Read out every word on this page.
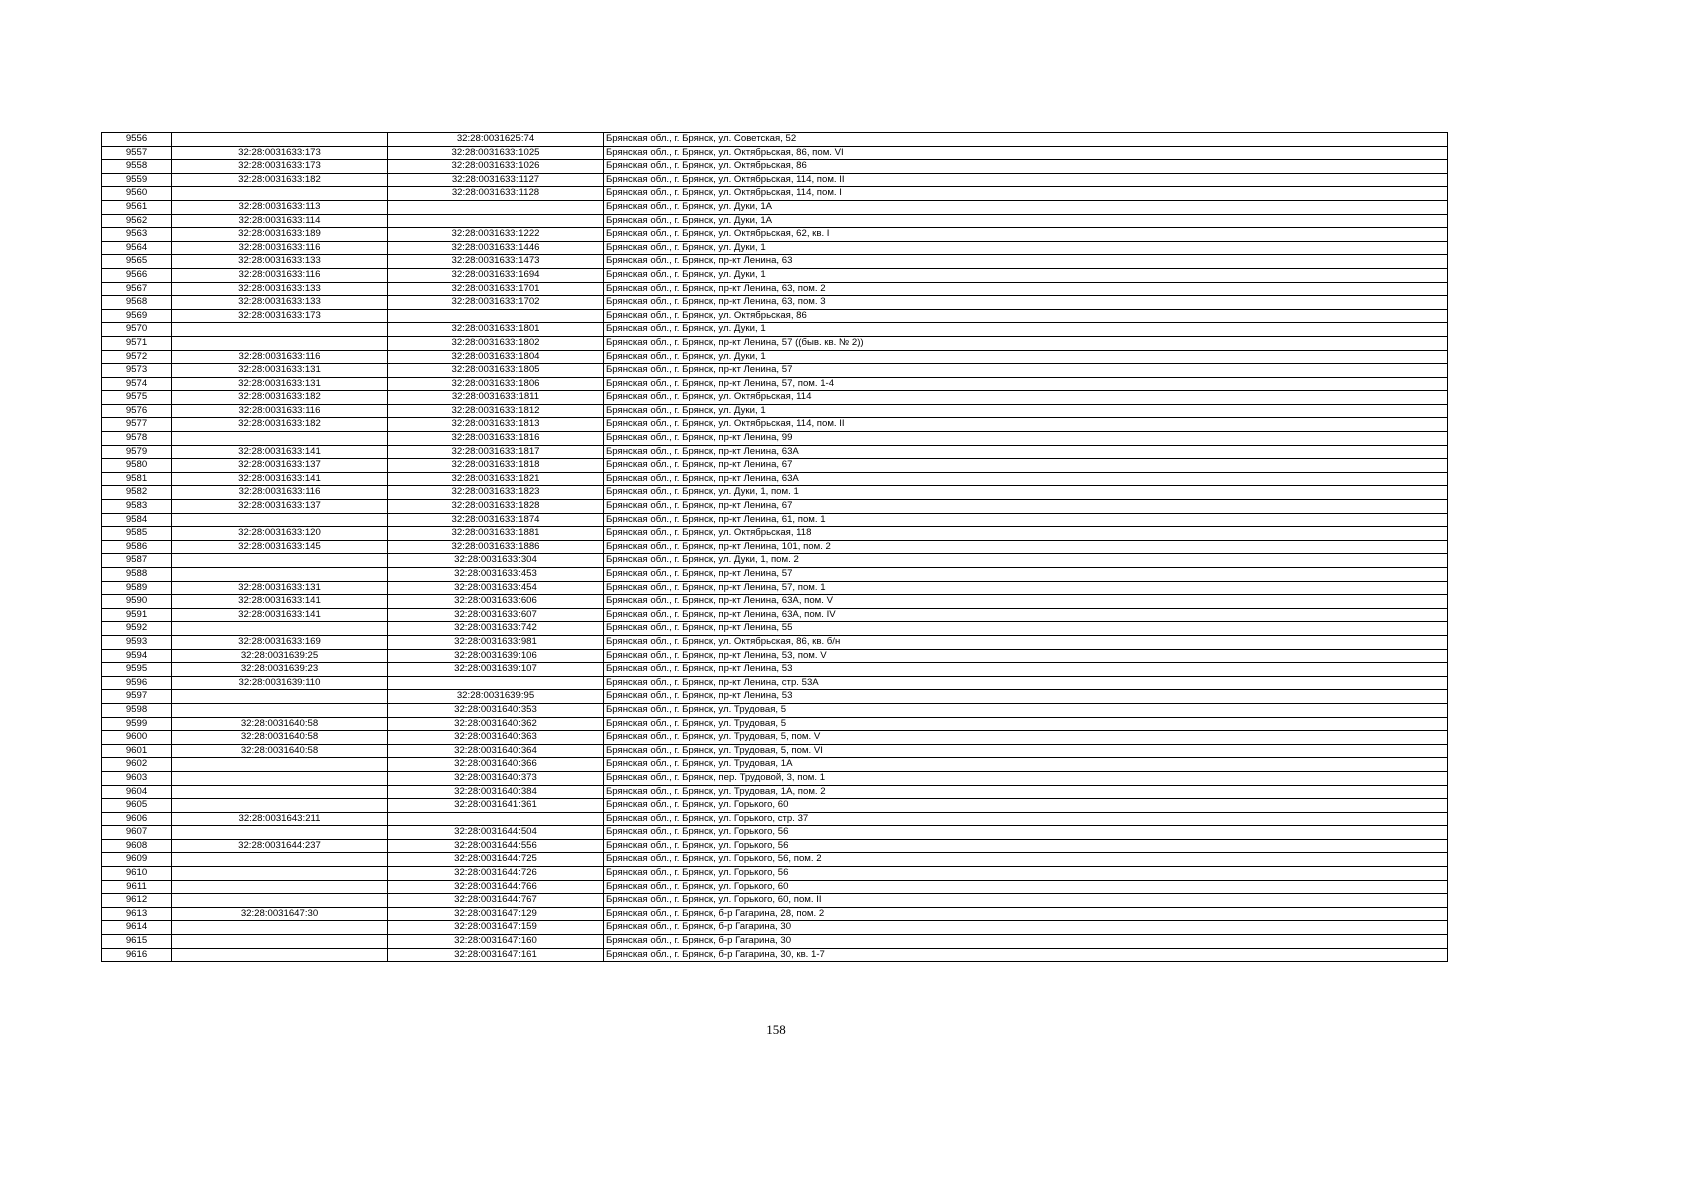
9556		32:28:0031625:74	Брянская обл., г. Брянск, ул. Советская, 52
9557	32:28:0031633:173	32:28:0031633:1025	Брянская обл., г. Брянск, ул. Октябрьская, 86, пом. VI
9558	32:28:0031633:173	32:28:0031633:1026	Брянская обл., г. Брянск, ул. Октябрьская, 86
9559	32:28:0031633:182	32:28:0031633:1127	Брянская обл., г. Брянск, ул. Октябрьская, 114, пом. II
9560		32:28:0031633:1128	Брянская обл., г. Брянск, ул. Октябрьская, 114, пом. I
9561	32:28:0031633:113		Брянская обл., г. Брянск, ул. Дуки, 1А
9562	32:28:0031633:114		Брянская обл., г. Брянск, ул. Дуки, 1А
9563	32:28:0031633:189	32:28:0031633:1222	Брянская обл., г. Брянск, ул. Октябрьская, 62, кв. I
9564	32:28:0031633:116	32:28:0031633:1446	Брянская обл., г. Брянск, ул. Дуки, 1
9565	32:28:0031633:133	32:28:0031633:1473	Брянская обл., г. Брянск, пр-кт Ленина, 63
9566	32:28:0031633:116	32:28:0031633:1694	Брянская обл., г. Брянск, ул. Дуки, 1
9567	32:28:0031633:133	32:28:0031633:1701	Брянская обл., г. Брянск, пр-кт Ленина, 63, пом. 2
9568	32:28:0031633:133	32:28:0031633:1702	Брянская обл., г. Брянск, пр-кт Ленина, 63, пом. 3
9569	32:28:0031633:173		Брянская обл., г. Брянск, ул. Октябрьская, 86
9570		32:28:0031633:1801	Брянская обл., г. Брянск, ул. Дуки, 1
9571		32:28:0031633:1802	Брянская обл., г. Брянск, пр-кт Ленина, 57 ((быв. кв. № 2))
9572	32:28:0031633:116	32:28:0031633:1804	Брянская обл., г. Брянск, ул. Дуки, 1
9573	32:28:0031633:131	32:28:0031633:1805	Брянская обл., г. Брянск, пр-кт Ленина, 57
9574	32:28:0031633:131	32:28:0031633:1806	Брянская обл., г. Брянск, пр-кт Ленина, 57, пом. 1-4
9575	32:28:0031633:182	32:28:0031633:1811	Брянская обл., г. Брянск, ул. Октябрьская, 114
9576	32:28:0031633:116	32:28:0031633:1812	Брянская обл., г. Брянск, ул. Дуки, 1
9577	32:28:0031633:182	32:28:0031633:1813	Брянская обл., г. Брянск, ул. Октябрьская, 114, пом. II
9578		32:28:0031633:1816	Брянская обл., г. Брянск, пр-кт Ленина, 99
9579	32:28:0031633:141	32:28:0031633:1817	Брянская обл., г. Брянск, пр-кт Ленина, 63А
9580	32:28:0031633:137	32:28:0031633:1818	Брянская обл., г. Брянск, пр-кт Ленина, 67
9581	32:28:0031633:141	32:28:0031633:1821	Брянская обл., г. Брянск, пр-кт Ленина, 63А
9582	32:28:0031633:116	32:28:0031633:1823	Брянская обл., г. Брянск, ул. Дуки, 1, пом. 1
9583	32:28:0031633:137	32:28:0031633:1828	Брянская обл., г. Брянск, пр-кт Ленина, 67
9584		32:28:0031633:1874	Брянская обл., г. Брянск, пр-кт Ленина, 61, пом. 1
9585	32:28:0031633:120	32:28:0031633:1881	Брянская обл., г. Брянск, ул. Октябрьская, 118
9586	32:28:0031633:145	32:28:0031633:1886	Брянская обл., г. Брянск, пр-кт Ленина, 101, пом. 2
9587		32:28:0031633:304	Брянская обл., г. Брянск, ул. Дуки, 1, пом. 2
9588		32:28:0031633:453	Брянская обл., г. Брянск, пр-кт Ленина, 57
9589	32:28:0031633:131	32:28:0031633:454	Брянская обл., г. Брянск, пр-кт Ленина, 57, пом. 1
9590	32:28:0031633:141	32:28:0031633:606	Брянская обл., г. Брянск, пр-кт Ленина, 63А, пом. V
9591	32:28:0031633:141	32:28:0031633:607	Брянская обл., г. Брянск, пр-кт Ленина, 63А, пом. IV
9592		32:28:0031633:742	Брянская обл., г. Брянск, пр-кт Ленина, 55
9593	32:28:0031633:169	32:28:0031633:981	Брянская обл., г. Брянск, ул. Октябрьская, 86, кв. б/н
9594	32:28:0031639:25	32:28:0031639:106	Брянская обл., г. Брянск, пр-кт Ленина, 53, пом. V
9595	32:28:0031639:23	32:28:0031639:107	Брянская обл., г. Брянск, пр-кт Ленина, 53
9596	32:28:0031639:110		Брянская обл., г. Брянск, пр-кт Ленина, стр. 53А
9597		32:28:0031639:95	Брянская обл., г. Брянск, пр-кт Ленина, 53
9598		32:28:0031640:353	Брянская обл., г. Брянск, ул. Трудовая, 5
9599	32:28:0031640:58	32:28:0031640:362	Брянская обл., г. Брянск, ул. Трудовая, 5
9600	32:28:0031640:58	32:28:0031640:363	Брянская обл., г. Брянск, ул. Трудовая, 5, пом. V
9601	32:28:0031640:58	32:28:0031640:364	Брянская обл., г. Брянск, ул. Трудовая, 5, пом. VI
9602		32:28:0031640:366	Брянская обл., г. Брянск, ул. Трудовая, 1А
9603		32:28:0031640:373	Брянская обл., г. Брянск, пер. Трудовой, 3, пом. 1
9604		32:28:0031640:384	Брянская обл., г. Брянск, ул. Трудовая, 1А, пом. 2
9605		32:28:0031641:361	Брянская обл., г. Брянск, ул. Горького, 60
9606	32:28:0031643:211		Брянская обл., г. Брянск, ул. Горького, стр. 37
9607		32:28:0031644:504	Брянская обл., г. Брянск, ул. Горького, 56
9608	32:28:0031644:237	32:28:0031644:556	Брянская обл., г. Брянск, ул. Горького, 56
9609		32:28:0031644:725	Брянская обл., г. Брянск, ул. Горького, 56, пом. 2
9610		32:28:0031644:726	Брянская обл., г. Брянск, ул. Горького, 56
9611		32:28:0031644:766	Брянская обл., г. Брянск, ул. Горького, 60
9612		32:28:0031644:767	Брянская обл., г. Брянск, ул. Горького, 60, пом. II
9613	32:28:0031647:30	32:28:0031647:129	Брянская обл., г. Брянск, б-р Гагарина, 28, пом. 2
9614		32:28:0031647:159	Брянская обл., г. Брянск, б-р Гагарина, 30
9615		32:28:0031647:160	Брянская обл., г. Брянск, б-р Гагарина, 30
9616		32:28:0031647:161	Брянская обл., г. Брянск, б-р Гагарина, 30, кв. 1-7
158
